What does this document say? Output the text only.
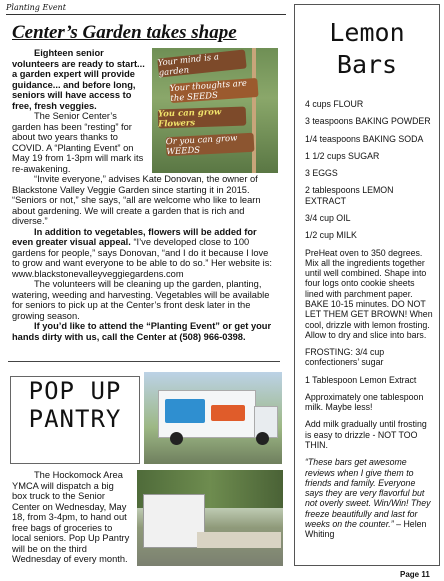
Planting Event
Center’s Garden takes shape
Your mind is a garden
Your thoughts are the SEEDS
You can grow Flowers
Or you can grow WEEDS

Eighteen senior volunteers are ready to start... a garden expert will provide guidance... and before long, seniors will have access to free, fresh veggies.

The Senior Center’s garden has been “resting” for about two years thanks to COVID. A “Planting Event” on May 19 from 1-3pm will mark its re-awakening.

“Invite everyone,” advises Kate Donovan, the owner of Blackstone Valley Veggie Garden since starting it in 2015. “Seniors or not,” she says, “all are welcome who like to learn about gardening. We will create a garden that is rich and diverse.”

In addition to vegetables, flowers will be added for even greater visual appeal. “I’ve developed close to 100 gardens for people,” says Donovan, “and I do it because I love to grow and want everyone to be able to do so.” Her website is: www.blackstonevalleyveggiegardens.com

The volunteers will be cleaning up the garden, planting, watering, weeding and harvesting. Vegetables will be available for seniors to pick up at the Center’s front desk later in the growing season.

If you’d like to attend the “Planting Event” or get your hands dirty with us, call the Center at (508) 966-0398.

POP UP
PANTRY

The Hockomock Area YMCA will dispatch a big box truck to the Senior Center on Wednesday, May 18, from 3-4pm, to hand out free bags of groceries to local seniors. Pop Up Pantry will be on the third Wednesday of every month.

Lemon
Bars

4 cups FLOUR

3 teaspoons BAKING POWDER

1/4 teaspoons BAKING SODA

1 1/2 cups SUGAR

3 EGGS

2 tablespoons LEMON EXTRACT

3/4 cup OIL

1/2 cup MILK

PreHeat oven to 350 degrees. Mix all the ingredients together until well combined. Shape into four logs onto cookie sheets lined with parchment paper. BAKE 10-15 minutes. DO NOT LET THEM GET BROWN! When cool, drizzle with lemon frosting. Allow to dry and slice into bars.

FROSTING: 3/4 cup confectioners’ sugar

1 Tablespoon Lemon Extract

Approximately one tablespoon milk. Maybe less!

Add milk gradually until frosting is easy to drizzle - NOT TOO THIN.

“These bars get awesome reviews when I give them to friends and family. Everyone says they are very flavorful but not overly sweet. Win/Win! They freeze beautifully and last for weeks on the counter.” – Helen Whiting

Page 11
